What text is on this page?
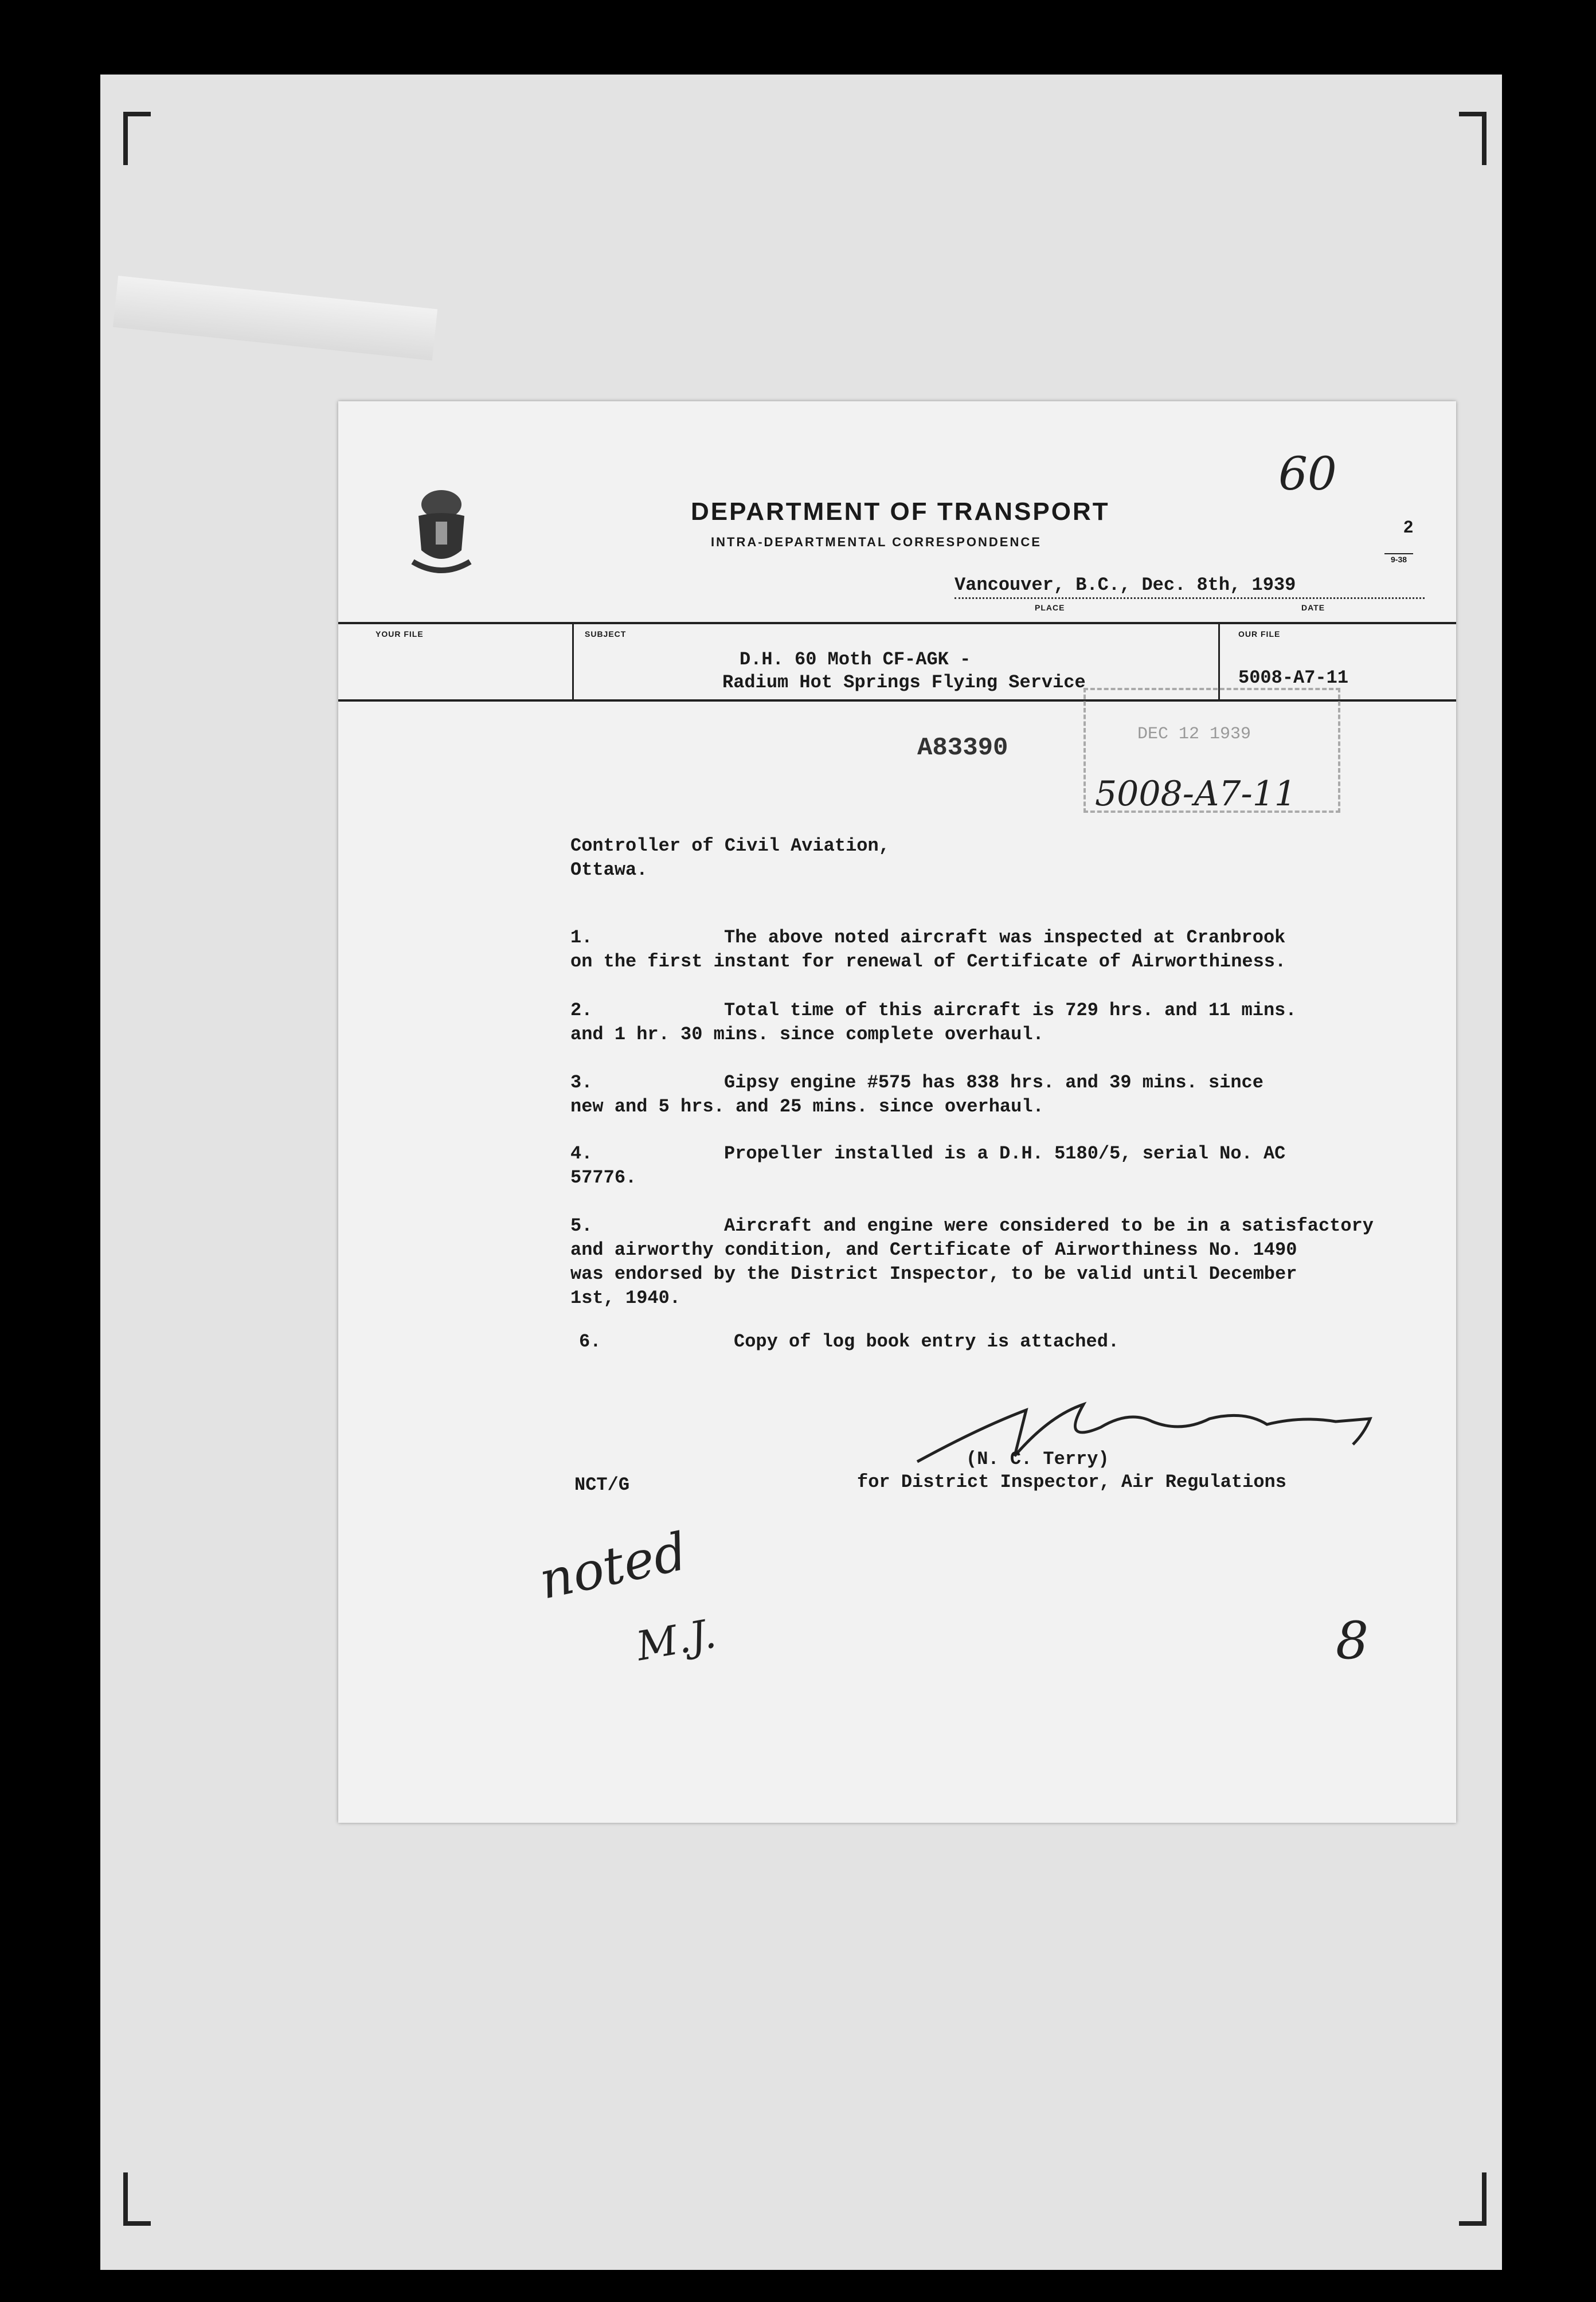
DEPARTMENT OF TRANSPORT
INTRA-DEPARTMENTAL CORRESPONDENCE

2

9-38

60
Vancouver, B.C., Dec. 8th, 1939
PLACE	DATE
YOUR FILE	SUBJECT	OUR FILE
D.H. 60 Moth CF-AGK -
Radium Hot Springs Flying Service	5008-A7-11
A83390	DEC 12 1939
5008-A7-11
Controller of Civil Aviation,
Ottawa.
1.	The above noted aircraft was inspected at Cranbrook
on the first instant for renewal of Certificate of Airworthiness.
2.	Total time of this aircraft is 729 hrs. and 11 mins.
and 1 hr. 30 mins. since complete overhaul.
3.	Gipsy engine #575 has 838 hrs. and 39 mins. since
new and 5 hrs. and 25 mins. since overhaul.
4.	Propeller installed is a D.H. 5180/5, serial No. AC
57776.
5.	Aircraft and engine were considered to be in a satisfactory
and airworthy condition, and Certificate of Airworthiness No. 1490
was endorsed by the District Inspector, to be valid until December
1st, 1940.
6.	Copy of log book entry is attached.
(N. C. Terry)
for District Inspector, Air Regulations
NCT/G
noted
M.J.	8
